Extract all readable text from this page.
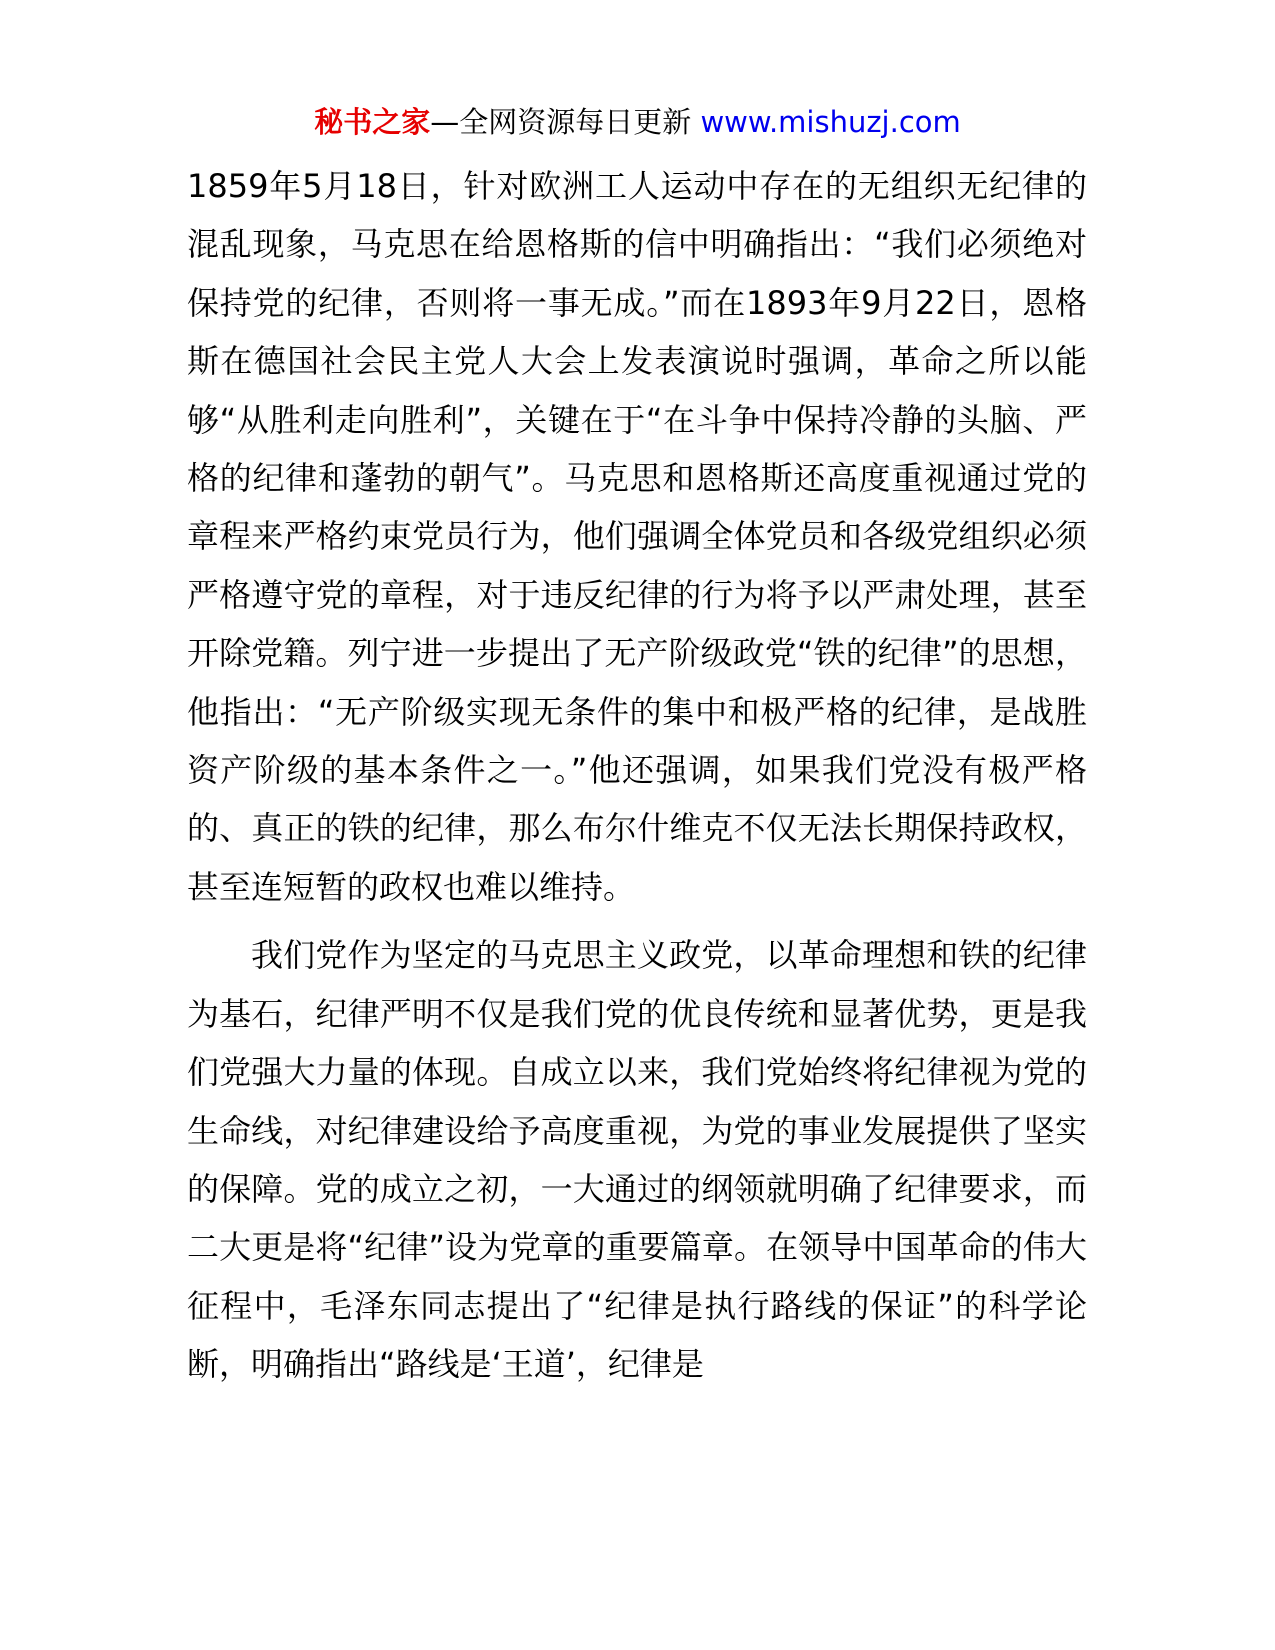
秘书之家—全网资源每日更新 www.mishuzj.com

1859年5月18日，针对欧洲工人运动中存在的无组织无纪律的混乱现象，马克思在给恩格斯的信中明确指出：“我们必须绝对保持党的纪律，否则将一事无成。”而在1893年9月22日，恩格斯在德国社会民主党人大会上发表演说时强调，革命之所以能够“从胜利走向胜利”，关键在于“在斗争中保持冷静的头脑、严格的纪律和蓬勃的朝气”。马克思和恩格斯还高度重视通过党的章程来严格约束党员行为，他们强调全体党员和各级党组织必须严格遵守党的章程，对于违反纪律的行为将予以严肃处理，甚至开除党籍。列宁进一步提出了无产阶级政党“铁的纪律”的思想，他指出：“无产阶级实现无条件的集中和极严格的纪律，是战胜资产阶级的基本条件之一。”他还强调，如果我们党没有极严格的、真正的铁的纪律，那么布尔什维克不仅无法长期保持政权，甚至连短暂的政权也难以维持。

我们党作为坚定的马克思主义政党，以革命理想和铁的纪律为基石，纪律严明不仅是我们党的优良传统和显著优势，更是我们党强大力量的体现。自成立以来，我们党始终将纪律视为党的生命线，对纪律建设给予高度重视，为党的事业发展提供了坚实的保障。党的成立之初，一大通过的纲领就明确了纪律要求，而二大更是将“纪律”设为党章的重要篇章。在领导中国革命的伟大征程中，毛泽东同志提出了“纪律是执行路线的保证”的科学论断，明确指出“路线是‘王道’，纪律是
